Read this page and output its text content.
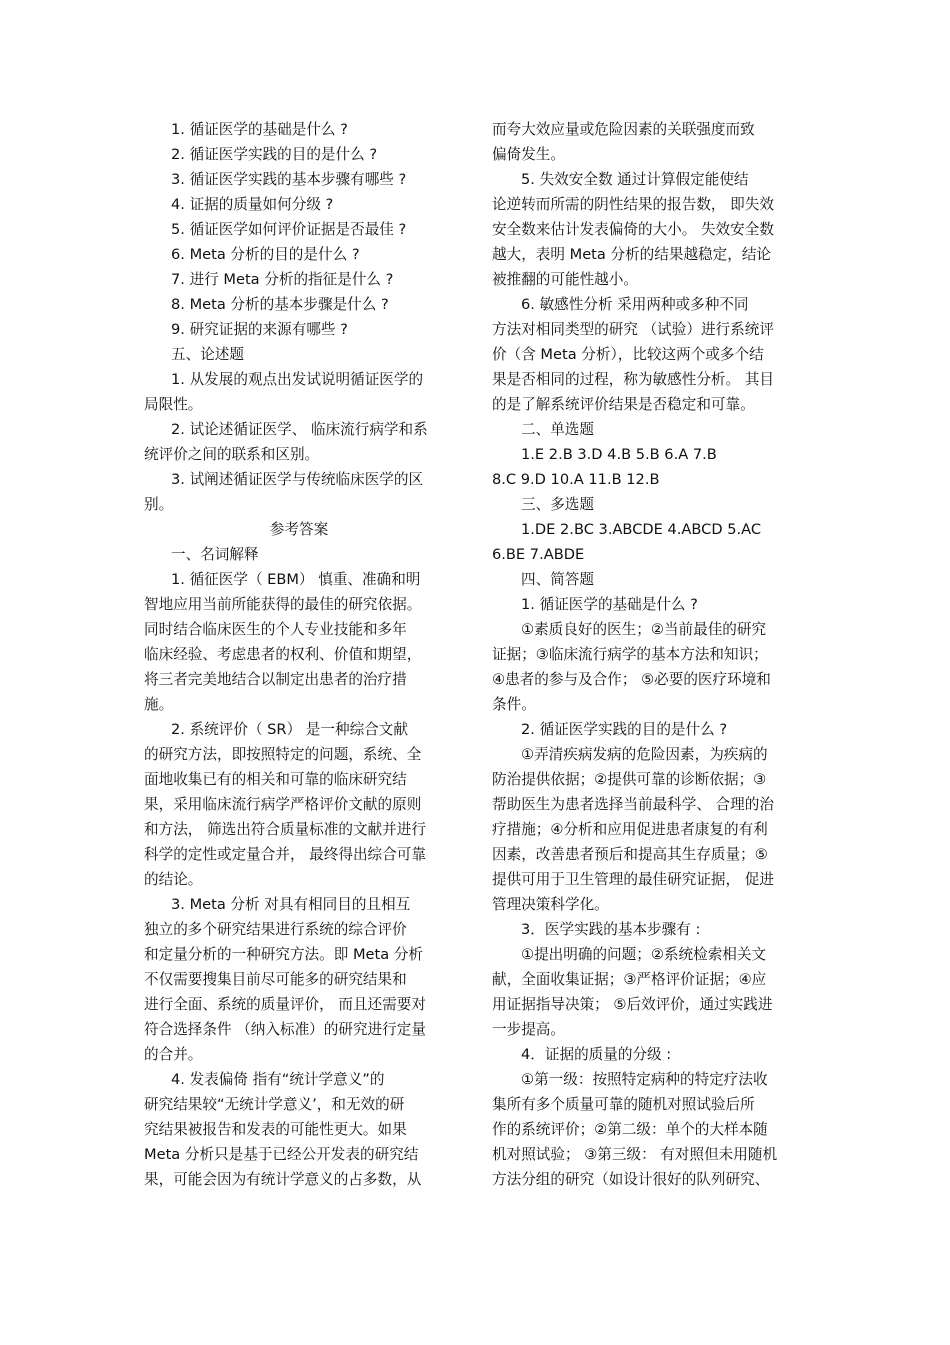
1. 循证医学的基础是什么 ?
2. 循证医学实践的目的是什么 ?
3. 循证医学实践的基本步骤有哪些 ?
4. 证据的质量如何分级 ?
5. 循证医学如何评价证据是否最佳 ?
6. Meta 分析的目的是什么 ?
7. 进行 Meta 分析的指征是什么 ?
8. Meta 分析的基本步骤是什么 ?
9. 研究证据的来源有哪些 ?
五、论述题
1. 从发展的观点出发试说明循证医学的
局限性。
2. 试论述循证医学、 临床流行病学和系
统评价之间的联系和区别。
3. 试阐述循证医学与传统临床医学的区
别。
参考答案
一、名词解释
1. 循征医学（ EBM） 慎重、准确和明
智地应用当前所能获得的最佳的研究依据。
同时结合临床医生的个人专业技能和多年
临床经验、考虑患者的权利、价值和期望，
将三者完美地结合以制定出患者的治疗措
施。
2. 系统评价（ SR） 是一种综合文献
的研究方法，即按照特定的问题，系统、全
面地收集已有的相关和可靠的临床研究结
果，采用临床流行病学严格评价文献的原则
和方法， 筛选出符合质量标准的文献并进行
科学的定性或定量合并， 最终得出综合可靠
的结论。
3. Meta 分析 对具有相同目的且相互
独立的多个研究结果进行系统的综合评价
和定量分析的一种研究方法。即 Meta 分析
不仅需要搜集目前尽可能多的研究结果和
进行全面、系统的质量评价， 而且还需要对
符合选择条件 （纳入标准）的研究进行定量
的合并。
4. 发表偏倚 指有“统计学意义”的
研究结果较“无统计学意义’，和无效的研
究结果被报告和发表的可能性更大。如果
Meta 分析只是基于已经公开发表的研究结
果，可能会因为有统计学意义的占多数，从
而夸大效应量或危险因素的关联强度而致
偏倚发生。
5. 失效安全数 通过计算假定能使结
论逆转而所需的阴性结果的报告数， 即失效
安全数来估计发表偏倚的大小。 失效安全数
越大，表明 Meta 分析的结果越稳定，结论
被推翻的可能性越小。
6. 敏感性分析 采用两种或多种不同
方法对相同类型的研究 （试验）进行系统评
价（含 Meta 分析），比较这两个或多个结
果是否相同的过程，称为敏感性分析。 其目
的是了解系统评价结果是否稳定和可靠。
二、单选题
1.E 2.B 3.D 4.B 5.B 6.A 7.B
8.C 9.D 10.A 11.B 12.B
三、多选题
1.DE 2.BC 3.ABCDE 4.ABCD 5.AC
6.BE 7.ABDE
四、简答题
1. 循证医学的基础是什么 ?
①素质良好的医生；②当前最佳的研究
证据；③临床流行病学的基本方法和知识；
④患者的参与及合作； ⑤必要的医疗环境和
条件。
2. 循证医学实践的目的是什么 ?
①弄清疾病发病的危险因素，为疾病的
防治提供依据；②提供可靠的诊断依据；③
帮助医生为患者选择当前最科学、 合理的治
疗措施；④分析和应用促进患者康复的有利
因素，改善患者预后和提高其生存质量；⑤
提供可用于卫生管理的最佳研究证据， 促进
管理决策科学化。
3．医学实践的基本步骤有 :
①提出明确的问题；②系统检索相关文
献，全面收集证据；③严格评价证据；④应
用证据指导决策； ⑤后效评价，通过实践进
一步提高。
4．证据的质量的分级 :
①第一级：按照特定病种的特定疗法收
集所有多个质量可靠的随机对照试验后所
作的系统评价；②第二级：单个的大样本随
机对照试验； ③第三级： 有对照但未用随机
方法分组的研究（如设计很好的队列研究、
